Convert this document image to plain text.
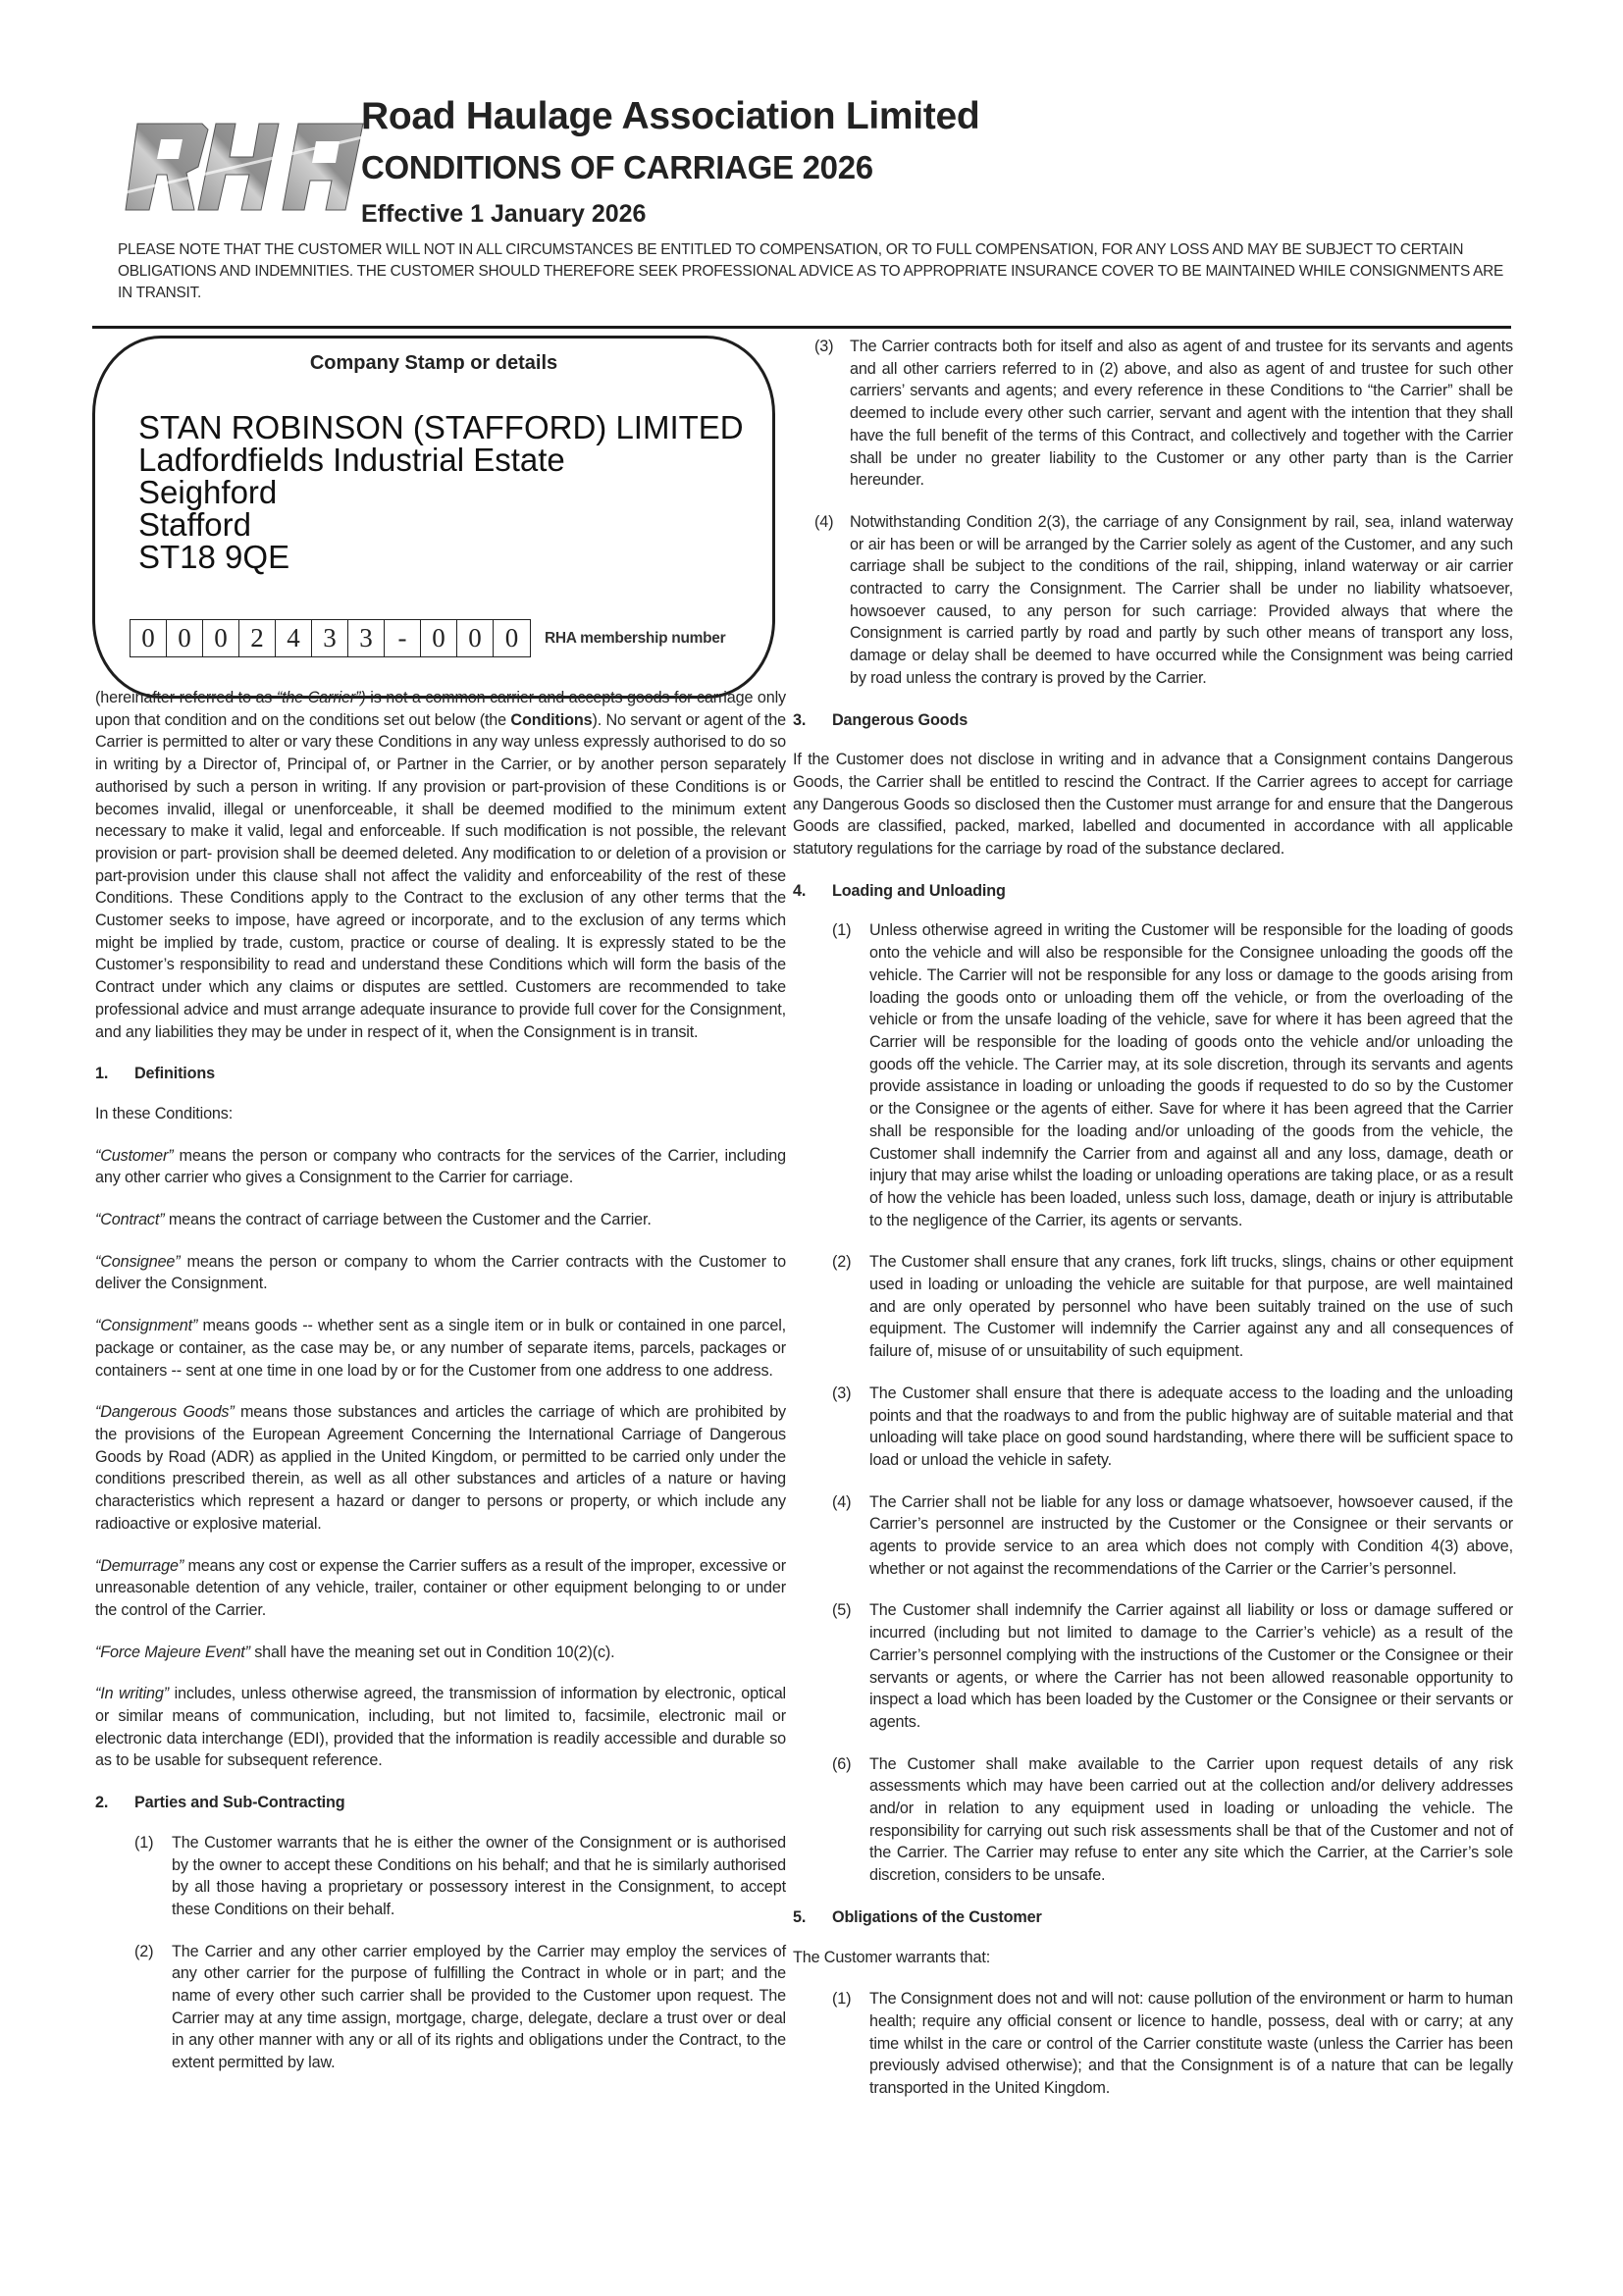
Road Haulage Association Limited
CONDITIONS OF CARRIAGE 2026
Effective 1 January 2026
PLEASE NOTE THAT THE CUSTOMER WILL NOT IN ALL CIRCUMSTANCES BE ENTITLED TO COMPENSATION, OR TO FULL COMPENSATION, FOR ANY LOSS AND MAY BE SUBJECT TO CERTAIN OBLIGATIONS AND INDEMNITIES. THE CUSTOMER SHOULD THEREFORE SEEK PROFESSIONAL ADVICE AS TO APPROPRIATE INSURANCE COVER TO BE MAINTAINED WHILE CONSIGNMENTS ARE IN TRANSIT.
Company Stamp or details
STAN ROBINSON (STAFFORD) LIMITED
Ladfordfields Industrial Estate
Seighford
Stafford
ST18 9QE
0 0 0 2 4 3 3 - 0 0 0	RHA membership number

(hereinafter referred to as “the Carrier”) is not a common carrier and accepts goods for carriage only upon that condition and on the conditions set out below (the Conditions). No servant or agent of the Carrier is permitted to alter or vary these Conditions in any way unless expressly authorised to do so in writing by a Director of, Principal of, or Partner in the Carrier, or by another person separately authorised by such a person in writing. If any provision or part-provision of these Conditions is or becomes invalid, illegal or unenforceable, it shall be deemed modified to the minimum extent necessary to make it valid, legal and enforceable. If such modification is not possible, the relevant provision or part- provision shall be deemed deleted. Any modification to or deletion of a provision or part-provision under this clause shall not affect the validity and enforceability of the rest of these Conditions. These Conditions apply to the Contract to the exclusion of any other terms that the Customer seeks to impose, have agreed or incorporate, and to the exclusion of any terms which might be implied by trade, custom, practice or course of dealing. It is expressly stated to be the Customer’s responsibility to read and understand these Conditions which will form the basis of the Contract under which any claims or disputes are settled. Customers are recommended to take professional advice and must arrange adequate insurance to provide full cover for the Consignment, and any liabilities they may be under in respect of it, when the Consignment is in transit.

1.	Definitions

In these Conditions:

“Customer” means the person or company who contracts for the services of the Carrier, including any other carrier who gives a Consignment to the Carrier for carriage.

“Contract” means the contract of carriage between the Customer and the Carrier.

“Consignee” means the person or company to whom the Carrier contracts with the Customer to deliver the Consignment.

“Consignment” means goods -- whether sent as a single item or in bulk or contained in one parcel, package or container, as the case may be, or any number of separate items, parcels, packages or containers -- sent at one time in one load by or for the Customer from one address to one address.

“Dangerous Goods” means those substances and articles the carriage of which are prohibited by the provisions of the European Agreement Concerning the International Carriage of Dangerous Goods by Road (ADR) as applied in the United Kingdom, or permitted to be carried only under the conditions prescribed therein, as well as all other substances and articles of a nature or having characteristics which represent a hazard or danger to persons or property, or which include any radioactive or explosive material.

“Demurrage” means any cost or expense the Carrier suffers as a result of the improper, excessive or unreasonable detention of any vehicle, trailer, container or other equipment belonging to or under the control of the Carrier.

“Force Majeure Event” shall have the meaning set out in Condition 10(2)(c).

“In writing” includes, unless otherwise agreed, the transmission of information by electronic, optical or similar means of communication, including, but not limited to, facsimile, electronic mail or electronic data interchange (EDI), provided that the information is readily accessible and durable so as to be usable for subsequent reference.

2.	Parties and Sub-Contracting
(1)	The Customer warrants that he is either the owner of the Consignment or is authorised by the owner to accept these Conditions on his behalf; and that he is similarly authorised by all those having a proprietary or possessory interest in the Consignment, to accept these Conditions on their behalf.
(2)	The Carrier and any other carrier employed by the Carrier may employ the services of any other carrier for the purpose of fulfilling the Contract in whole or in part; and the name of every other such carrier shall be provided to the Customer upon request. The Carrier may at any time assign, mortgage, charge, delegate, declare a trust over or deal in any other manner with any or all of its rights and obligations under the Contract, to the extent permitted by law.
(3)	The Carrier contracts both for itself and also as agent of and trustee for its servants and agents and all other carriers referred to in (2) above, and also as agent of and trustee for such other carriers’ servants and agents; and every reference in these Conditions to “the Carrier” shall be deemed to include every other such carrier, servant and agent with the intention that they shall have the full benefit of the terms of this Contract, and collectively and together with the Carrier shall be under no greater liability to the Customer or any other party than is the Carrier hereunder.
(4)	Notwithstanding Condition 2(3), the carriage of any Consignment by rail, sea, inland waterway or air has been or will be arranged by the Carrier solely as agent of the Customer, and any such carriage shall be subject to the conditions of the rail, shipping, inland waterway or air carrier contracted to carry the Consignment. The Carrier shall be under no liability whatsoever, howsoever caused, to any person for such carriage: Provided always that where the Consignment is carried partly by road and partly by such other means of transport any loss, damage or delay shall be deemed to have occurred while the Consignment was being carried by road unless the contrary is proved by the Carrier.
3.	Dangerous Goods

If the Customer does not disclose in writing and in advance that a Consignment contains Dangerous Goods, the Carrier shall be entitled to rescind the Contract. If the Carrier agrees to accept for carriage any Dangerous Goods so disclosed then the Customer must arrange for and ensure that the Dangerous Goods are classified, packed, marked, labelled and documented in accordance with all applicable statutory regulations for the carriage by road of the substance declared.

4.	Loading and Unloading
(1)	Unless otherwise agreed in writing the Customer will be responsible for the loading of goods onto the vehicle and will also be responsible for the Consignee unloading the goods off the vehicle. The Carrier will not be responsible for any loss or damage to the goods arising from loading the goods onto or unloading them off the vehicle, or from the overloading of the vehicle or from the unsafe loading of the vehicle, save for where it has been agreed that the Carrier will be responsible for the loading of goods onto the vehicle and/or unloading the goods off the vehicle. The Carrier may, at its sole discretion, through its servants and agents provide assistance in loading or unloading the goods if requested to do so by the Customer or the Consignee or the agents of either. Save for where it has been agreed that the Carrier shall be responsible for the loading and/or unloading of the goods from the vehicle, the Customer shall indemnify the Carrier from and against all and any loss, damage, death or injury that may arise whilst the loading or unloading operations are taking place, or as a result of how the vehicle has been loaded, unless such loss, damage, death or injury is attributable to the negligence of the Carrier, its agents or servants.
(2)	The Customer shall ensure that any cranes, fork lift trucks, slings, chains or other equipment used in loading or unloading the vehicle are suitable for that purpose, are well maintained and are only operated by personnel who have been suitably trained on the use of such equipment. The Customer will indemnify the Carrier against any and all consequences of failure of, misuse of or unsuitability of such equipment.
(3)	The Customer shall ensure that there is adequate access to the loading and the unloading points and that the roadways to and from the public highway are of suitable material and that unloading will take place on good sound hardstanding, where there will be sufficient space to load or unload the vehicle in safety.
(4)	The Carrier shall not be liable for any loss or damage whatsoever, howsoever caused, if the Carrier’s personnel are instructed by the Customer or the Consignee or their servants or agents to provide service to an area which does not comply with Condition 4(3) above, whether or not against the recommendations of the Carrier or the Carrier’s personnel.
(5)	The Customer shall indemnify the Carrier against all liability or loss or damage suffered or incurred (including but not limited to damage to the Carrier’s vehicle) as a result of the Carrier’s personnel complying with the instructions of the Customer or the Consignee or their servants or agents, or where the Carrier has not been allowed reasonable opportunity to inspect a load which has been loaded by the Customer or the Consignee or their servants or agents.
(6)	The Customer shall make available to the Carrier upon request details of any risk assessments which may have been carried out at the collection and/or delivery addresses and/or in relation to any equipment used in loading or unloading the vehicle. The responsibility for carrying out such risk assessments shall be that of the Customer and not of the Carrier. The Carrier may refuse to enter any site which the Carrier, at the Carrier’s sole discretion, considers to be unsafe.
5.	Obligations of the Customer

The Customer warrants that:

(1)	The Consignment does not and will not: cause pollution of the environment or harm to human health; require any official consent or licence to handle, possess, deal with or carry; at any time whilst in the care or control of the Carrier constitute waste (unless the Carrier has been previously advised otherwise); and that the Consignment is of a nature that can be legally transported in the United Kingdom.
